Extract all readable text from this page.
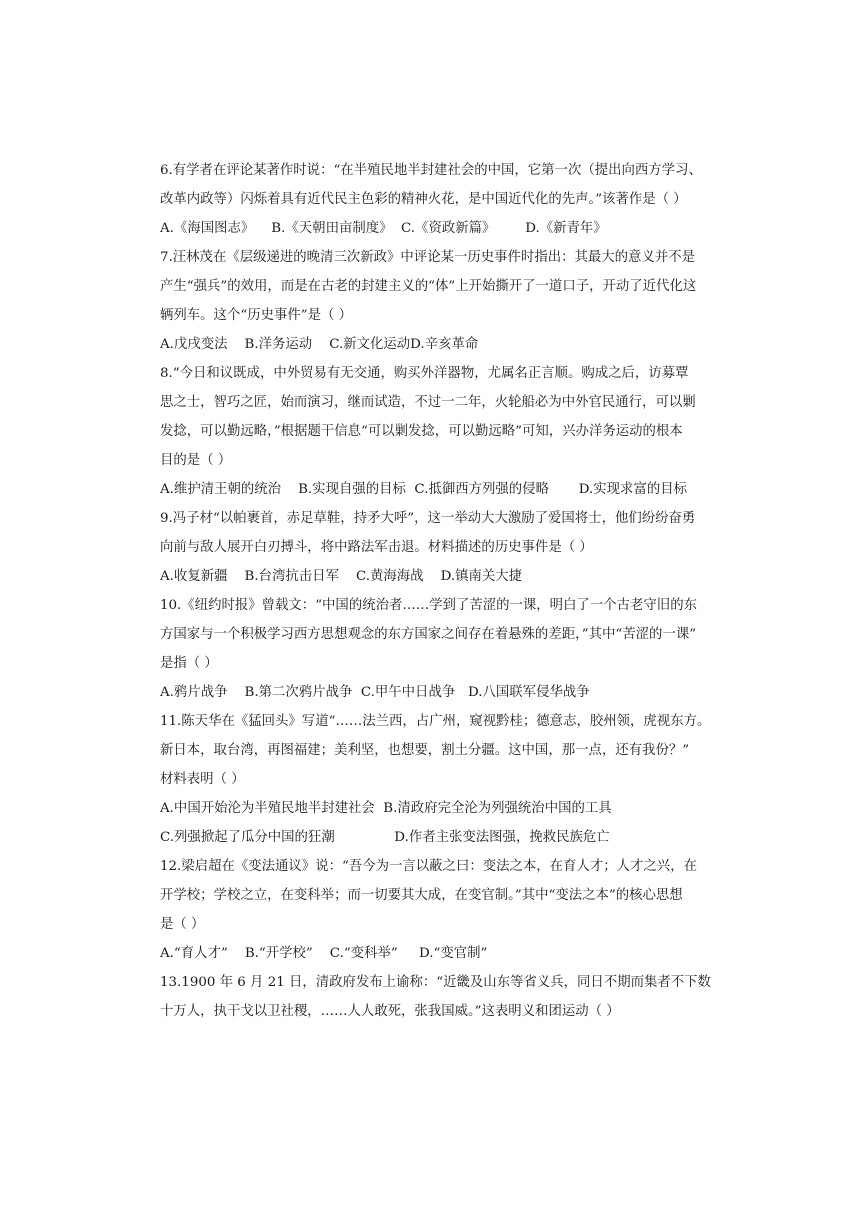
6.有学者在评论某著作时说：“在半殖民地半封建社会的中国，它第一次（提出向西方学习、
改革内政等）闪烁着具有近代民主色彩的精神火花，是中国近代化的先声。”该著作是（ ）
A.《海国图志》    B.《天朝田亩制度》  C.《资政新篇》       D.《新青年》
7.汪林茂在《层级递进的晚清三次新政》中评论某一历史事件时指出：其最大的意义并不是
产生“强兵”的效用，而是在古老的封建主义的“体”上开始撕开了一道口子，开动了近代化这
辆列车。这个“历史事件”是（ ）
A.戊戌变法    B.洋务运动    C.新文化运动D.辛亥革命
8.“今日和议既成，中外贸易有无交通，购买外洋器物，尤属名正言顺。购成之后，访募覃
思之士，智巧之匠，始而演习，继而试造，不过一二年，火轮船必为中外官民通行，可以剿
发捻，可以勤远略，”根据题干信息“可以剿发捻，可以勤远略”可知，兴办洋务运动的根本
目的是（ ）
A.维护清王朝的统治    B.实现自强的目标  C.抵御西方列强的侵略       D.实现求富的目标
9.冯子材“以帕裹首，赤足草鞋，持矛大呼”，这一举动大大激励了爱国将士，他们纷纷奋勇
向前与敌人展开白刃搏斗，将中路法军击退。材料描述的历史事件是（ ）
A.收复新疆    B.台湾抗击日军    C.黄海海战    D.镇南关大捷
10.《纽约时报》曾载文：“中国的统治者……学到了苦涩的一课，明白了一个古老守旧的东
方国家与一个积极学习西方思想观念的东方国家之间存在着悬殊的差距，”其中“苦涩的一课”
是指（ ）
A.鸦片战争    B.第二次鸦片战争  C.甲午中日战争   D.八国联军侵华战争
11.陈天华在《猛回头》写道“……法兰西，占广州，窥视黔桂；德意志，胶州领，虎视东方。
新日本，取台湾，再图福建；美利坚，也想要，割土分疆。这中国，那一点，还有我份？”
材料表明（ ）
A.中国开始沦为半殖民地半封建社会  B.清政府完全沦为列强统治中国的工具
C.列强掀起了瓜分中国的狂潮              D.作者主张变法图强，挽救民族危亡
12.梁启超在《变法通议》说：“吾今为一言以蔽之曰：变法之本，在育人才；人才之兴，在
开学校；学校之立，在变科举；而一切要其大成，在变官制。”其中“变法之本”的核心思想
是（ ）
A.“育人才”    B.“开学校”    C.“变科举”     D.“变官制”
13.1900 年 6 月 21 日，清政府发布上谕称：“近畿及山东等省义兵，同日不期而集者不下数
十万人，执干戈以卫社稷，……人人敢死，张我国威。”这表明义和团运动（ ）
